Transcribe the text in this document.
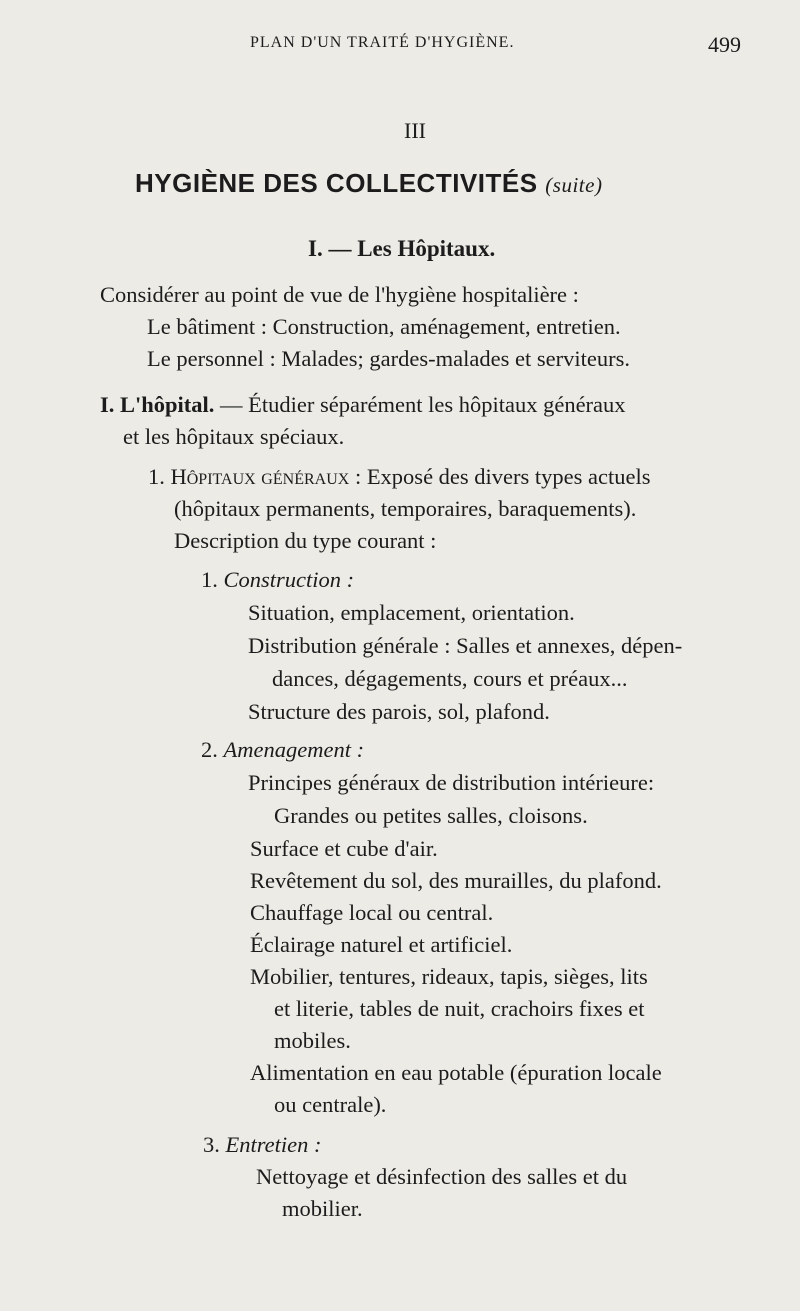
PLAN D'UN TRAITÉ D'HYGIÈNE.	499
III
HYGIÈNE DES COLLECTIVITÉS (suite)
I. — Les Hôpitaux.
Considérer au point de vue de l'hygiène hospitalière :
Le bâtiment : Construction, aménagement, entretien.
Le personnel : Malades; gardes-malades et serviteurs.
I. L'hôpital. — Étudier séparément les hôpitaux généraux
et les hôpitaux spéciaux.
1. Hôpitaux généraux : Exposé des divers types actuels
(hôpitaux permanents, temporaires, baraquements).
Description du type courant :
1. Construction :
Situation, emplacement, orientation.
Distribution générale : Salles et annexes, dépen-
dances, dégagements, cours et préaux...
Structure des parois, sol, plafond.
2. Amenagement :
Principes généraux de distribution intérieure:
Grandes ou petites salles, cloisons.
Surface et cube d'air.
Revêtement du sol, des murailles, du plafond.
Chauffage local ou central.
Éclairage naturel et artificiel.
Mobilier, tentures, rideaux, tapis, sièges, lits
et literie, tables de nuit, crachoirs fixes et
mobiles.
Alimentation en eau potable (épuration locale
ou centrale).
3. Entretien :
Nettoyage et désinfection des salles et du
mobilier.
